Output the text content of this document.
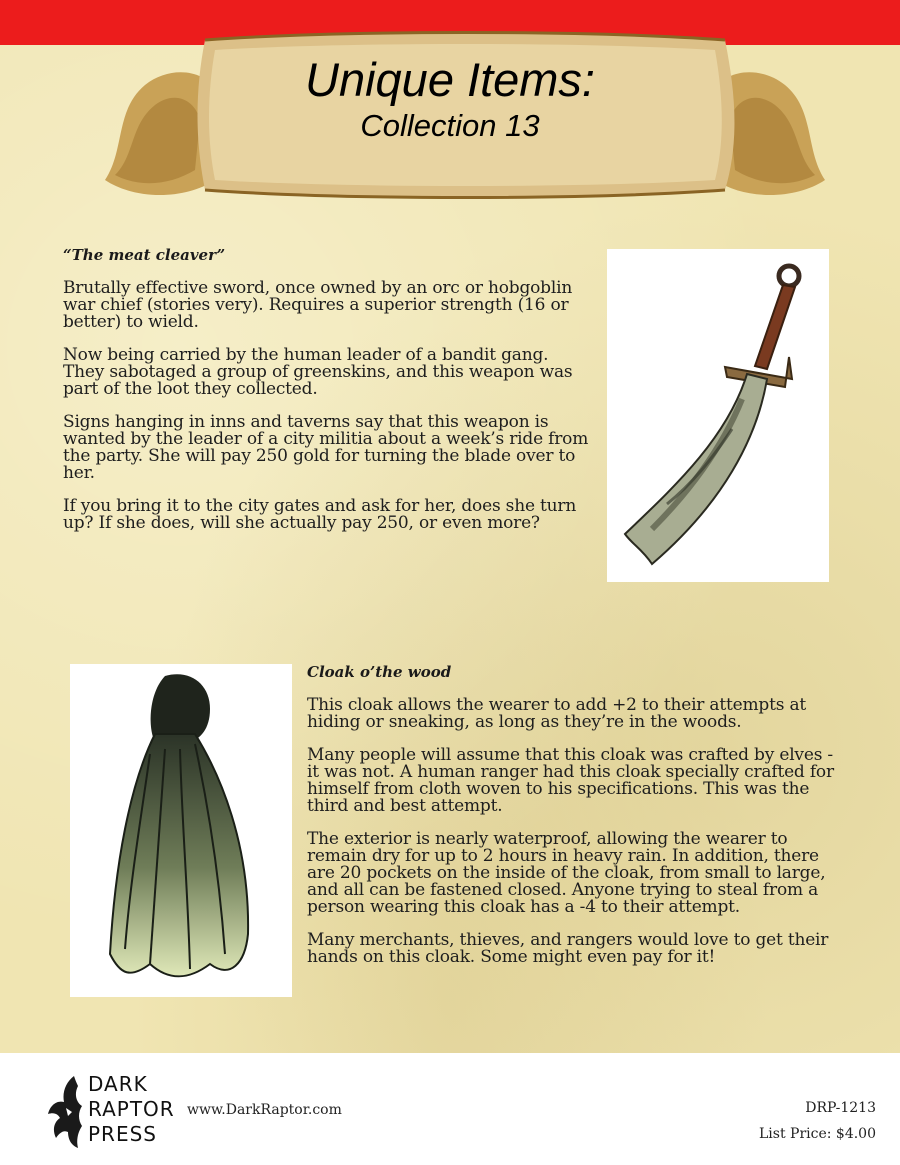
Unique Items:
Collection 13

“The meat cleaver”

Brutally effective sword, once owned by an orc or hobgoblin war chief (stories very). Requires a superior strength (16 or better) to wield.

Now being carried by the human leader of a bandit gang. They sabotaged a group of greenskins, and this weapon was part of the loot they collected.

Signs hanging in inns and taverns say that this weapon is wanted by the leader of a city militia about a week’s ride from the party. She will pay 250 gold for turning the blade over to her.

If you bring it to the city gates and ask for her, does she turn up? If she does, will she actually pay 250, or even more?

Cloak o’the wood

This cloak allows the wearer to add +2 to their attempts at hiding or sneaking, as long as they’re in the woods.

Many people will assume that this cloak was crafted by elves - it was not. A human ranger had this cloak specially crafted for himself from cloth woven to his specifications. This was the third and best attempt.

The exterior is nearly waterproof, allowing the wearer to remain dry for up to 2 hours in heavy rain. In addition, there are 20 pockets on the inside of the cloak, from small to large, and all can be fastened closed. Anyone trying to steal from a person wearing this cloak has a -4 to their attempt.

Many merchants, thieves, and rangers would love to get their hands on this cloak. Some might even pay for it!

DARK
RAPTOR
PRESS
www.DarkRaptor.com	DRP-1213
List Price: $4.00
